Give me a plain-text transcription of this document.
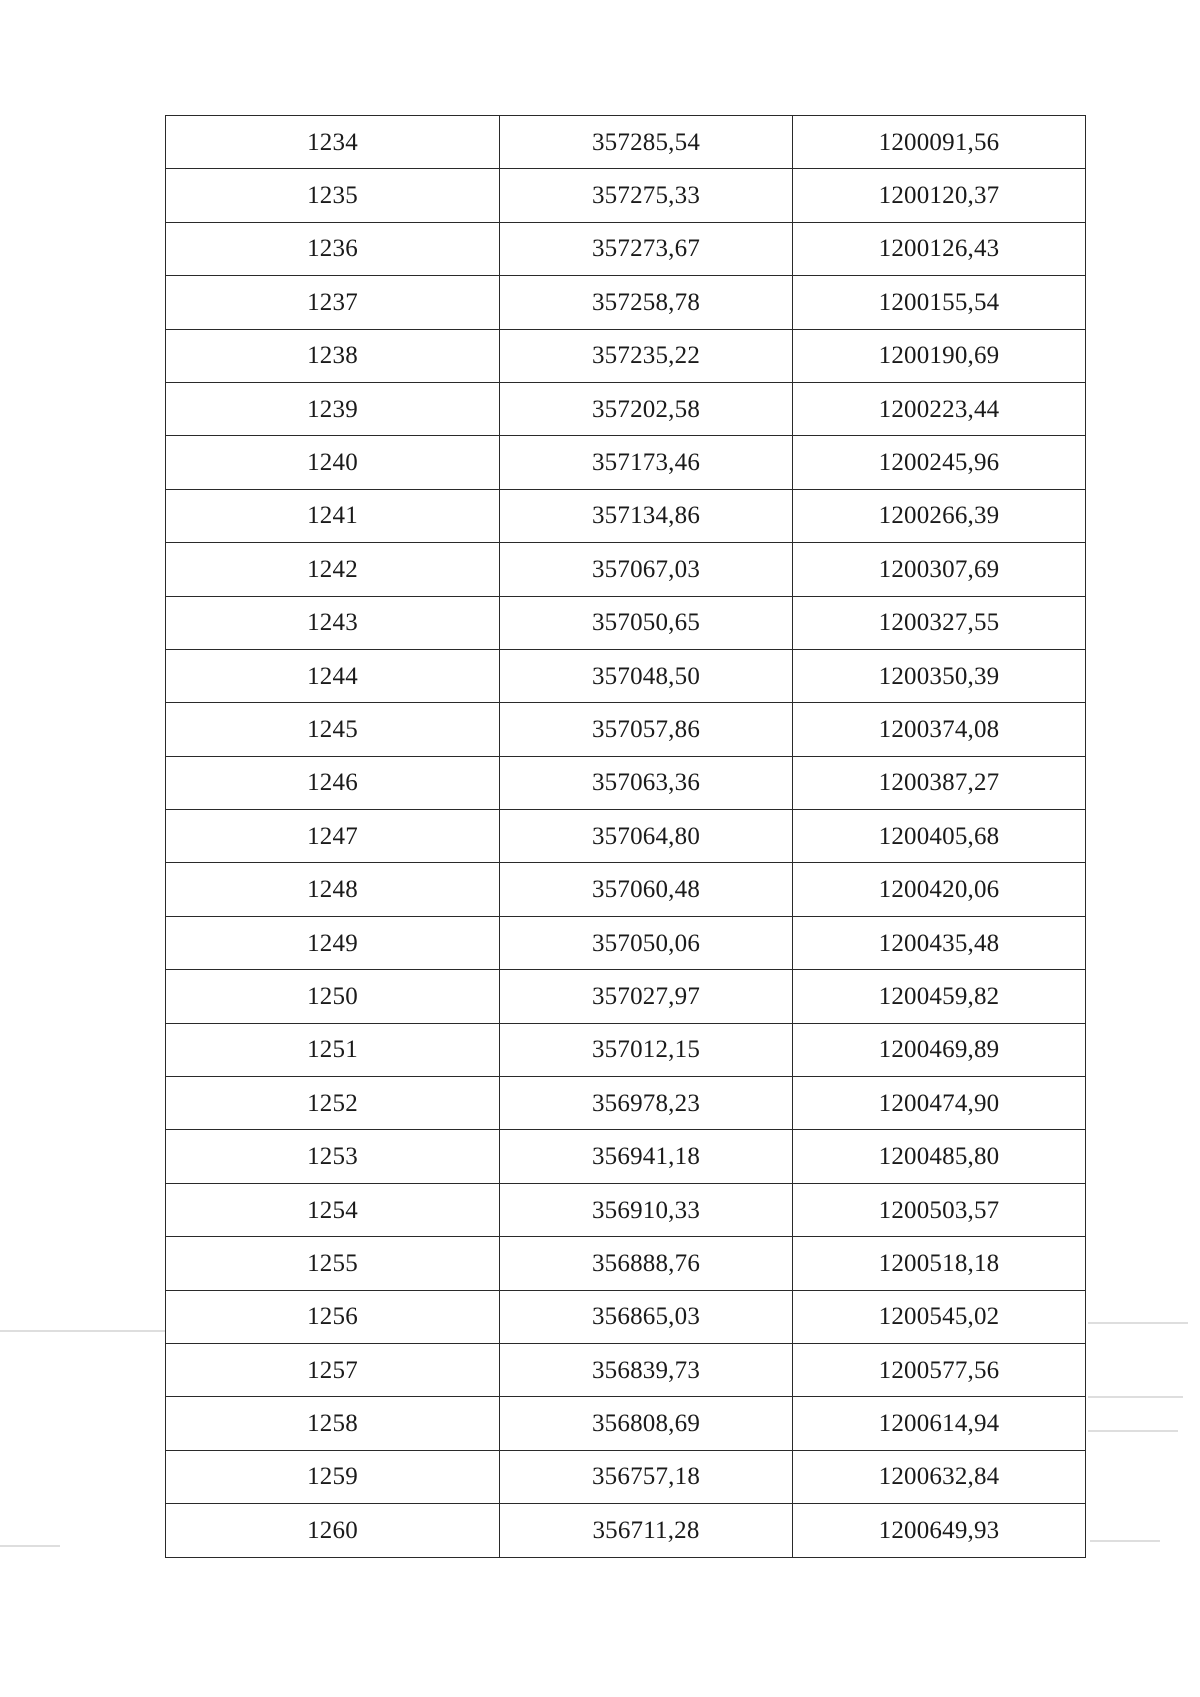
1234	357285,54	1200091,56
1235	357275,33	1200120,37
1236	357273,67	1200126,43
1237	357258,78	1200155,54
1238	357235,22	1200190,69
1239	357202,58	1200223,44
1240	357173,46	1200245,96
1241	357134,86	1200266,39
1242	357067,03	1200307,69
1243	357050,65	1200327,55
1244	357048,50	1200350,39
1245	357057,86	1200374,08
1246	357063,36	1200387,27
1247	357064,80	1200405,68
1248	357060,48	1200420,06
1249	357050,06	1200435,48
1250	357027,97	1200459,82
1251	357012,15	1200469,89
1252	356978,23	1200474,90
1253	356941,18	1200485,80
1254	356910,33	1200503,57
1255	356888,76	1200518,18
1256	356865,03	1200545,02
1257	356839,73	1200577,56
1258	356808,69	1200614,94
1259	356757,18	1200632,84
1260	356711,28	1200649,93
